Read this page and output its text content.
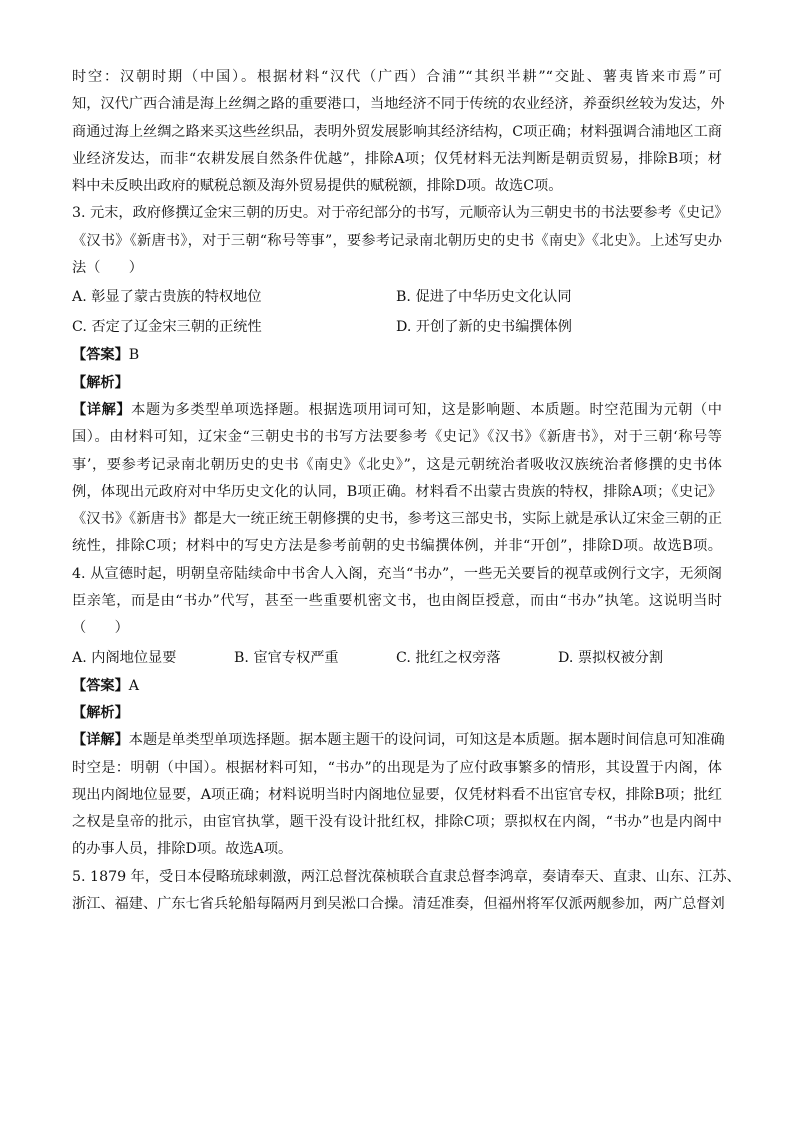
时空：汉朝时期（中国）。根据材料“汉代（广西）合浦”“其织半耕”“交趾、薯夷皆来市焉”可
知，汉代广西合浦是海上丝绸之路的重要港口，当地经济不同于传统的农业经济，养蚕织丝较为发达，外
商通过海上丝绸之路来买这些丝织品，表明外贸发展影响其经济结构，C项正确；材料强调合浦地区工商
业经济发达，而非“农耕发展自然条件优越”，排除A项；仅凭材料无法判断是朝贡贸易，排除B项；材
料中未反映出政府的赋税总额及海外贸易提供的赋税额，排除D项。故选C项。
3. 元末，政府修撰辽金宋三朝的历史。对于帝纪部分的书写，元顺帝认为三朝史书的书法要参考《史记》
《汉书》《新唐书》，对于三朝“称号等事”，要参考记录南北朝历史的史书《南史》《北史》。上述写史办
法（　　）
A. 彰显了蒙古贵族的特权地位	B. 促进了中华历史文化认同
C. 否定了辽金宋三朝的正统性	D. 开创了新的史书编撰体例
【答案】B
【解析】
【详解】本题为多类型单项选择题。根据选项用词可知，这是影响题、本质题。时空范围为元朝（中
国）。由材料可知，辽宋金“三朝史书的书写方法要参考《史记》《汉书》《新唐书》，对于三朝‘称号等
事’，要参考记录南北朝历史的史书《南史》《北史》”，这是元朝统治者吸收汉族统治者修撰的史书体
例，体现出元政府对中华历史文化的认同，B项正确。材料看不出蒙古贵族的特权，排除A项；《史记》
《汉书》《新唐书》都是大一统正统王朝修撰的史书，参考这三部史书，实际上就是承认辽宋金三朝的正
统性，排除C项；材料中的写史方法是参考前朝的史书编撰体例，并非“开创”，排除D项。故选B项。
4. 从宣德时起，明朝皇帝陆续命中书舍人入阁，充当“书办”，一些无关要旨的视草或例行文字，无须阁
臣亲笔，而是由“书办”代写，甚至一些重要机密文书，也由阁臣授意，而由“书办”执笔。这说明当时
（　　）
A. 内阁地位显要	B. 宦官专权严重	C. 批红之权旁落	D. 票拟权被分割
【答案】A
【解析】
【详解】本题是单类型单项选择题。据本题主题干的设问词，可知这是本质题。据本题时间信息可知准确
时空是：明朝（中国）。根据材料可知，“书办”的出现是为了应付政事繁多的情形，其设置于内阁，体
现出内阁地位显要，A项正确；材料说明当时内阁地位显要，仅凭材料看不出宦官专权，排除B项；批红
之权是皇帝的批示，由宦官执掌，题干没有设计批红权，排除C项；票拟权在内阁，“书办”也是内阁中
的办事人员，排除D项。故选A项。
5. 1879 年，受日本侵略琉球刺激，两江总督沈葆桢联合直隶总督李鸿章，奏请奉天、直隶、山东、江苏、
浙江、福建、广东七省兵轮船每隔两月到吴淞口合操。清廷准奏，但福州将军仅派两舰参加，两广总督刘
